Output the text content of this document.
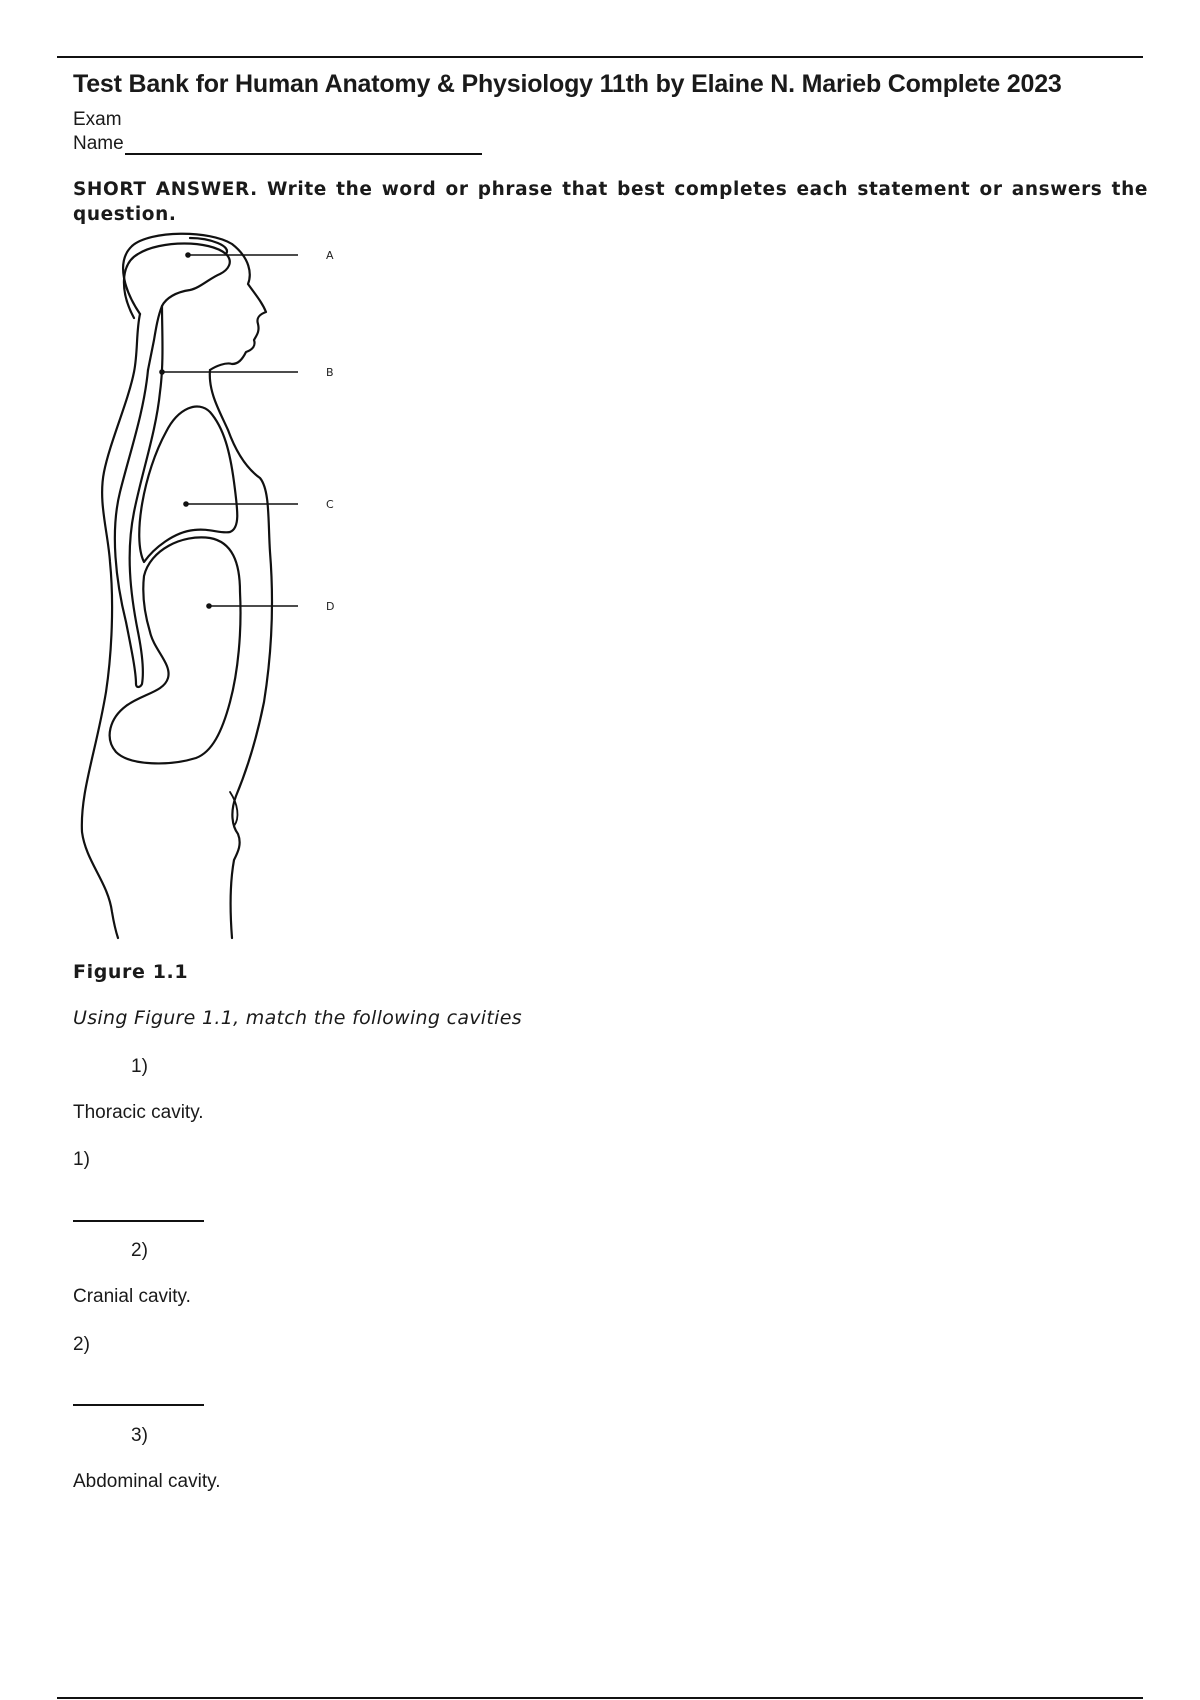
Test Bank for Human Anatomy & Physiology 11th by Elaine N. Marieb Complete 2023
Exam
Name
SHORT ANSWER. Write the word or phrase that best completes each statement or answers the question.
A
B
C
D
Figure 1.1
Using Figure 1.1, match the following cavities
1)
Thoracic cavity.
1)
2)
Cranial cavity.
2)
3)
Abdominal cavity.
